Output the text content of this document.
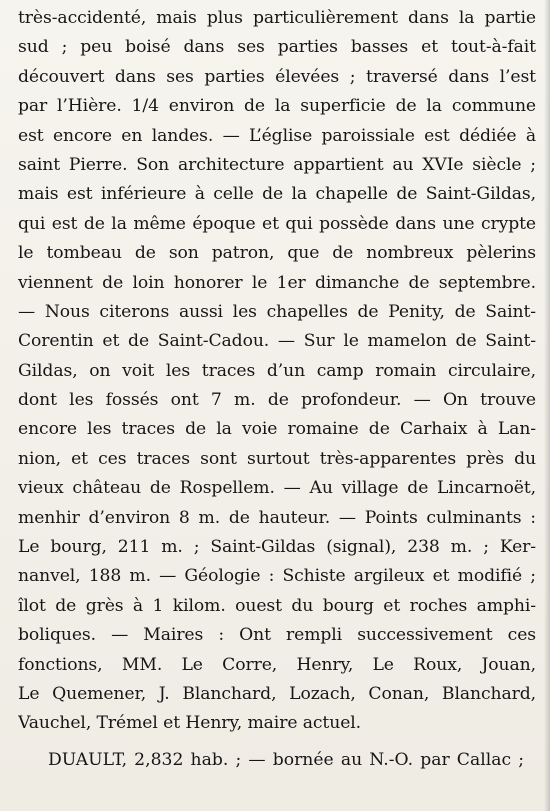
très-accidenté, mais plus particulièrement dans la partie
sud ; peu boisé dans ses parties basses et tout-à-fait
découvert dans ses parties élevées ; traversé dans l’est
par l’Hière. 1/4 environ de la superficie de la commune
est encore en landes. — L’église paroissiale est dédiée à
saint Pierre. Son architecture appartient au XVIe siècle ;
mais est inférieure à celle de la chapelle de Saint-Gildas,
qui est de la même époque et qui possède dans une crypte
le tombeau de son patron, que de nombreux pèlerins
viennent de loin honorer le 1er dimanche de septembre.
— Nous citerons aussi les chapelles de Penity, de Saint-
Corentin et de Saint-Cadou. — Sur le mamelon de Saint-
Gildas, on voit les traces d’un camp romain circulaire,
dont les fossés ont 7 m. de profondeur. — On trouve
encore les traces de la voie romaine de Carhaix à Lan-
nion, et ces traces sont surtout très-apparentes près du
vieux château de Rospellem. — Au village de Lincarnoët,
menhir d’environ 8 m. de hauteur. — Points culminants :
Le bourg, 211 m. ; Saint-Gildas (signal), 238 m. ; Ker-
nanvel, 188 m. — Géologie : Schiste argileux et modifié ;
îlot de grès à 1 kilom. ouest du bourg et roches amphi-
boliques. — Maires : Ont rempli successivement ces
fonctions, MM. Le Corre, Henry, Le Roux, Jouan,
Le Quemener, J. Blanchard, Lozach, Conan, Blanchard,
Vauchel, Trémel et Henry, maire actuel.
DUAULT, 2,832 hab. ; — bornée au N.-O. par Callac ;
